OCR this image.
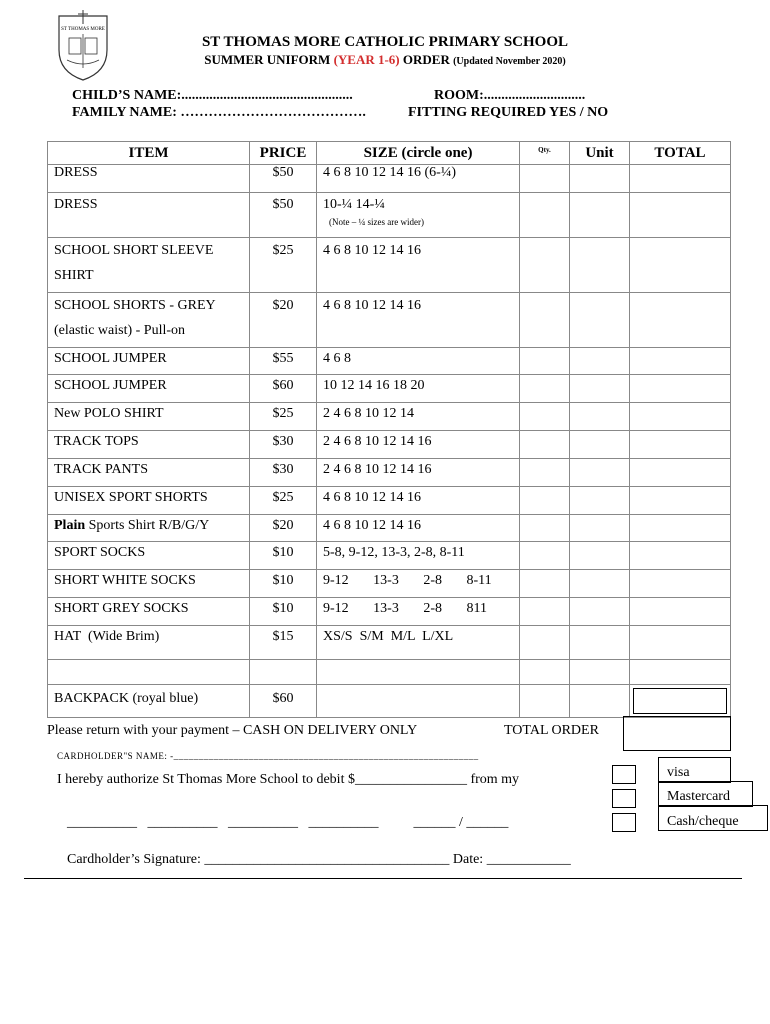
ST THOMAS MORE
ST THOMAS MORE CATHOLIC PRIMARY SCHOOL
SUMMER UNIFORM (YEAR 1-6) ORDER (Updated November 2020)
CHILD’S NAME:.................................................	ROOM:.............................
FAMILY NAME: ………………………………….	FITTING REQUIRED YES / NO
ITEM	PRICE	SIZE (circle one)	Qty.	Unit	TOTAL

DRESS	$50	4 6 8 10 12 14 16 (6-¼)			

DRESS	$50	10-¼ 14-¼
(Note – ¼ sizes are wider)			

SCHOOL SHORT SLEEVE
SHIRT	$25	4 6 8 10 12 14 16			

SCHOOL SHORTS - GREY
(elastic waist) - Pull-on	$20	4 6 8 10 12 14 16			

SCHOOL JUMPER	$55	4 6 8			

SCHOOL JUMPER	$60	10 12 14 16 18 20			

New POLO SHIRT	$25	2 4 6 8 10 12 14			

TRACK TOPS	$30	2 4 6 8 10 12 14 16			

TRACK PANTS	$30	2 4 6 8 10 12 14 16			

UNISEX SPORT SHORTS	$25	4 6 8 10 12 14 16			

Plain Sports Shirt R/B/G/Y	$20	4 6 8 10 12 14 16			

SPORT SOCKS	$10	5-8, 9-12, 13-3, 2-8, 8-11			

SHORT WHITE SOCKS	$10	9-12       13-3       2-8       8-11			

SHORT GREY SOCKS	$10	9-12       13-3       2-8       811			

HAT  (Wide Brim)	$15	XS/S  S/M  M/L  L/XL			

BACKPACK (royal blue)	$60				

Please return with your payment – CASH ON DELIVERY ONLY	TOTAL ORDER
CARDHOLDER"S NAME: -_____________________________________________________________
I hereby authorize St Thomas More School to debit $________________ from my
__________   __________   __________   __________          ______ / ______
Cardholder’s Signature: ___________________________________ Date: ____________
visa
Mastercard
Cash/cheque
